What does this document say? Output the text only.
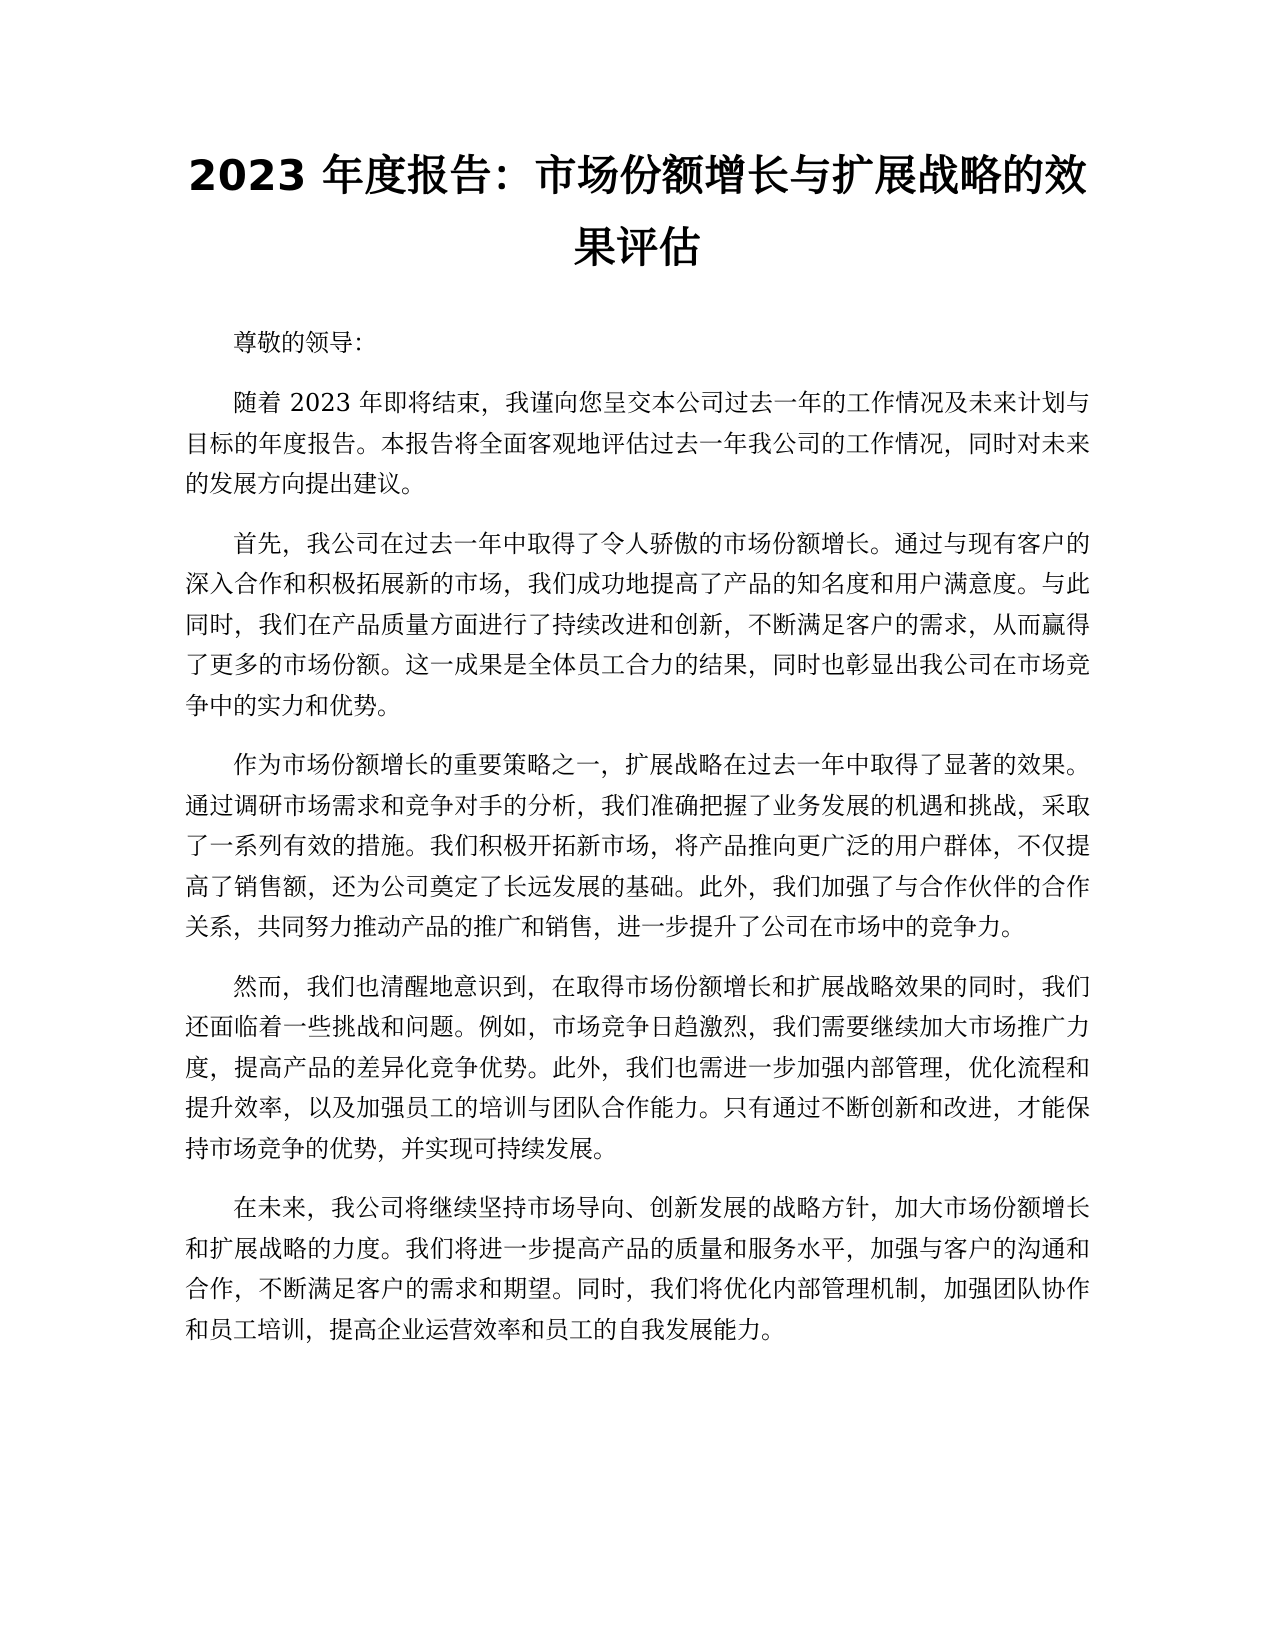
2023 年度报告：市场份额增长与扩展战略的效果评估

尊敬的领导：

随着 2023 年即将结束，我谨向您呈交本公司过去一年的工作情况及未来计划与目标的年度报告。本报告将全面客观地评估过去一年我公司的工作情况，同时对未来的发展方向提出建议。

首先，我公司在过去一年中取得了令人骄傲的市场份额增长。通过与现有客户的深入合作和积极拓展新的市场，我们成功地提高了产品的知名度和用户满意度。与此同时，我们在产品质量方面进行了持续改进和创新，不断满足客户的需求，从而赢得了更多的市场份额。这一成果是全体员工合力的结果，同时也彰显出我公司在市场竞争中的实力和优势。

作为市场份额增长的重要策略之一，扩展战略在过去一年中取得了显著的效果。通过调研市场需求和竞争对手的分析，我们准确把握了业务发展的机遇和挑战，采取了一系列有效的措施。我们积极开拓新市场，将产品推向更广泛的用户群体，不仅提高了销售额，还为公司奠定了长远发展的基础。此外，我们加强了与合作伙伴的合作关系，共同努力推动产品的推广和销售，进一步提升了公司在市场中的竞争力。

然而，我们也清醒地意识到，在取得市场份额增长和扩展战略效果的同时，我们还面临着一些挑战和问题。例如，市场竞争日趋激烈，我们需要继续加大市场推广力度，提高产品的差异化竞争优势。此外，我们也需进一步加强内部管理，优化流程和提升效率，以及加强员工的培训与团队合作能力。只有通过不断创新和改进，才能保持市场竞争的优势，并实现可持续发展。

在未来，我公司将继续坚持市场导向、创新发展的战略方针，加大市场份额增长和扩展战略的力度。我们将进一步提高产品的质量和服务水平，加强与客户的沟通和合作，不断满足客户的需求和期望。同时，我们将优化内部管理机制，加强团队协作和员工培训，提高企业运营效率和员工的自我发展能力。
